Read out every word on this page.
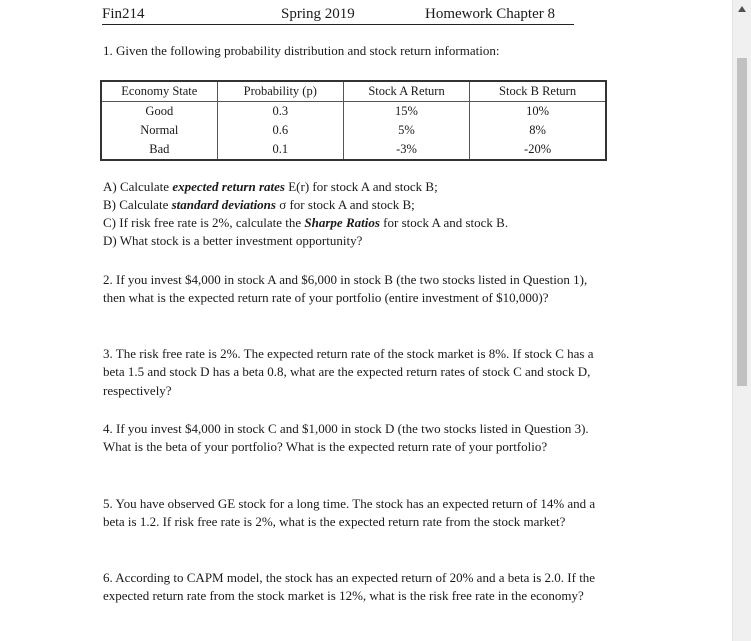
Fin214	Spring 2019	Homework Chapter 8

1. Given the following probability distribution and stock return information:

Economy State	Probability (p)	Stock A Return	Stock B Return
Good	0.3	15%	10%
Normal	0.6	5%	8%
Bad	0.1	-3%	-20%

A) Calculate expected return rates E(r) for stock A and stock B;

B) Calculate standard deviations σ for stock A and stock B;

C) If risk free rate is 2%, calculate the Sharpe Ratios for stock A and stock B.

D) What stock is a better investment opportunity?

2. If you invest $4,000 in stock A and $6,000 in stock B (the two stocks listed in Question 1), then what is the expected return rate of your portfolio (entire investment of $10,000)?

3. The risk free rate is 2%. The expected return rate of the stock market is 8%. If stock C has a beta 1.5 and stock D has a beta 0.8, what are the expected return rates of stock C and stock D, respectively?

4. If you invest $4,000 in stock C and $1,000 in stock D (the two stocks listed in Question 3). What is the beta of your portfolio? What is the expected return rate of your portfolio?

5. You have observed GE stock for a long time. The stock has an expected return of 14% and a beta is 1.2. If risk free rate is 2%, what is the expected return rate from the stock market?

6. According to CAPM model, the stock has an expected return of 20% and a beta is 2.0. If the expected return rate from the stock market is 12%, what is the risk free rate in the economy?
